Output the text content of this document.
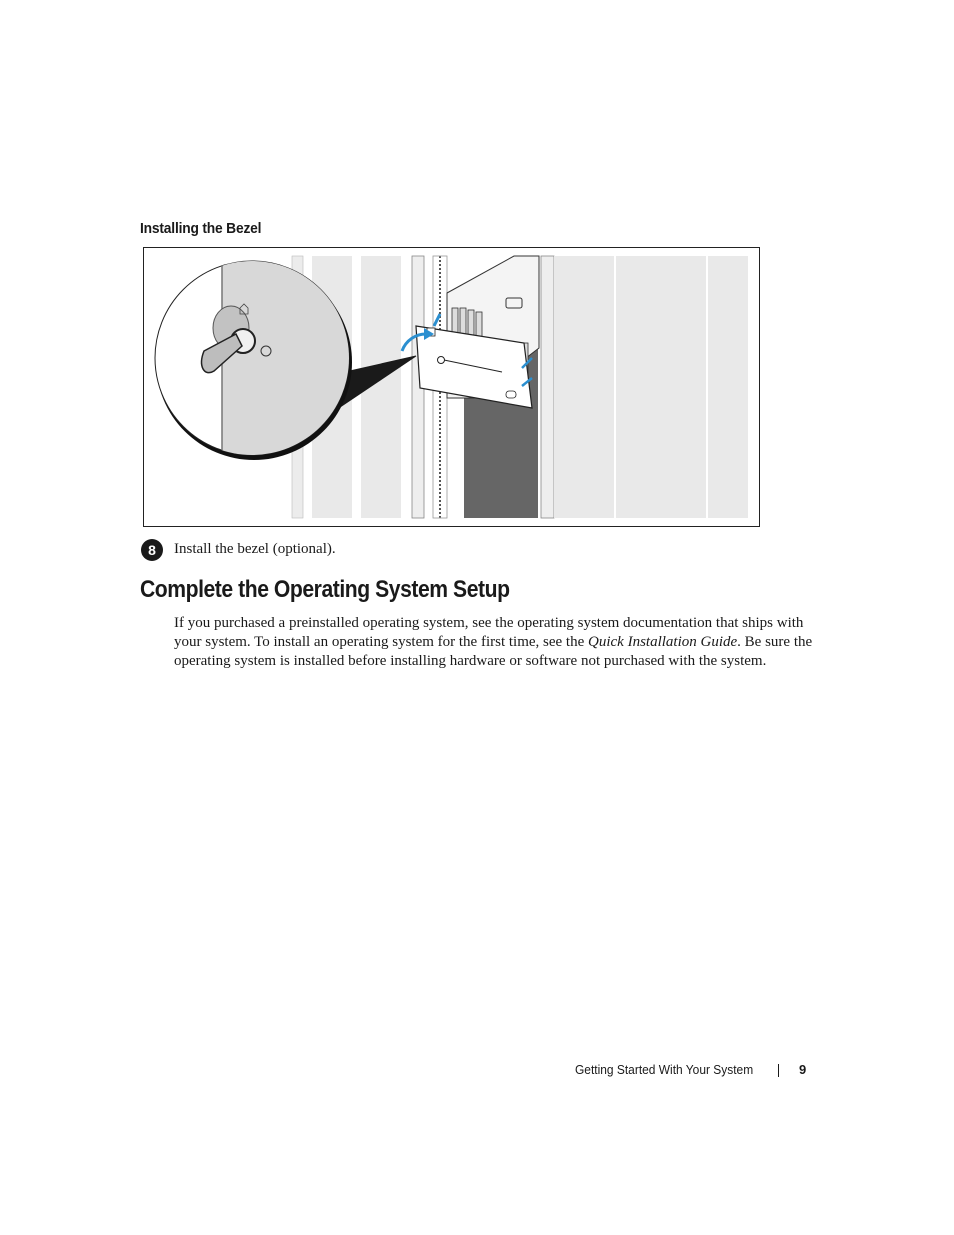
Installing the Bezel
8	Install the bezel (optional).
Complete the Operating System Setup

If you purchased a preinstalled operating system, see the operating system documentation that ships with your system. To install an operating system for the first time, see the Quick Installation Guide. Be sure the operating system is installed before installing hardware or software not purchased with the system.

Getting Started With Your System	9
